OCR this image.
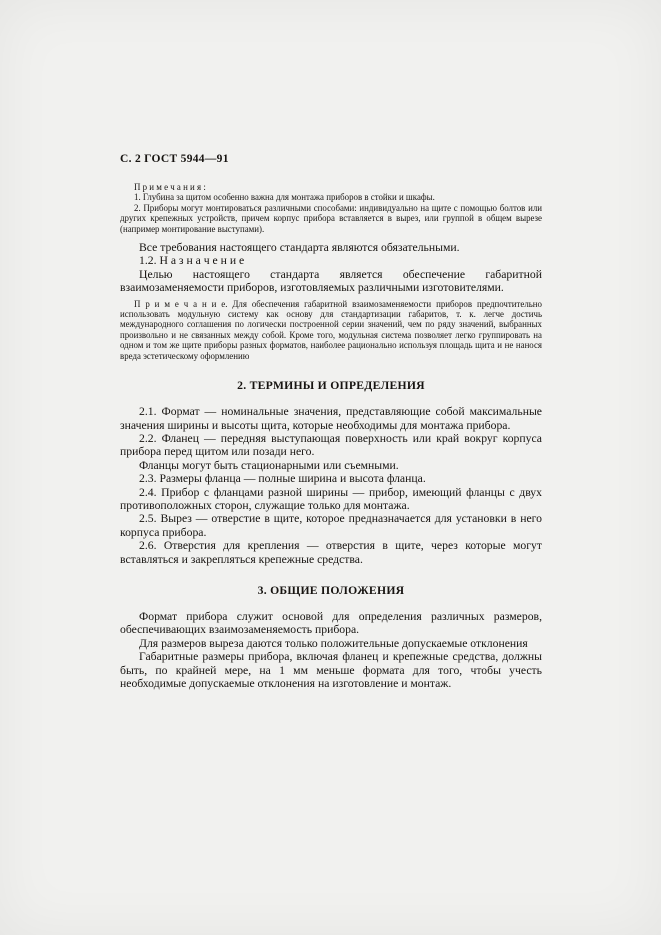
С. 2 ГОСТ 5944—91

П р и м е ч а н и я :

1. Глубина за щитом особенно важна для монтажа приборов в стойки и шкафы.

2. Приборы могут монтироваться различными способами: индивидуально на щите с помощью болтов или других крепежных устройств, причем корпус прибора вставляется в вырез, или группой в общем вырезе (например монтирование выступами).

Все требования настоящего стандарта являются обязательными.

1.2. Н а з н а ч е н и е

Целью настоящего стандарта является обеспечение габаритной взаимозаменяемости приборов, изготовляемых различными изготовителями.

П р и м е ч а н и е. Для обеспечения габаритной взаимозаменяемости приборов предпочтительно использовать модульную систему как основу для стандартизации габаритов, т. к. легче достичь международного соглашения по логически построенной серии значений, чем по ряду значений, выбранных произвольно и не связанных между собой. Кроме того, модульная система позволяет легко группировать на одном и том же щите приборы разных форматов, наиболее рационально используя площадь щита и не нанося вреда эстетическому оформлению

2. ТЕРМИНЫ И ОПРЕДЕЛЕНИЯ

2.1. Формат — номинальные значения, представляющие собой максимальные значения ширины и высоты щита, которые необходимы для монтажа прибора.

2.2. Фланец — передняя выступающая поверхность или край вокруг корпуса прибора перед щитом или позади него.

Фланцы могут быть стационарными или съемными.

2.3. Размеры фланца — полные ширина и высота фланца.

2.4. Прибор с фланцами разной ширины — прибор, имеющий фланцы с двух противоположных сторон, служащие только для монтажа.

2.5. Вырез — отверстие в щите, которое предназначается для установки в него корпуса прибора.

2.6. Отверстия для крепления — отверстия в щите, через которые могут вставляться и закрепляться крепежные средства.

3. ОБЩИЕ ПОЛОЖЕНИЯ

Формат прибора служит основой для определения различных размеров, обеспечивающих взаимозаменяемость прибора.

Для размеров выреза даются только положительные допускаемые отклонения

Габаритные размеры прибора, включая фланец и крепежные средства, должны быть, по крайней мере, на 1 мм меньше формата для того, чтобы учесть необходимые допускаемые отклонения на изготовление и монтаж.
